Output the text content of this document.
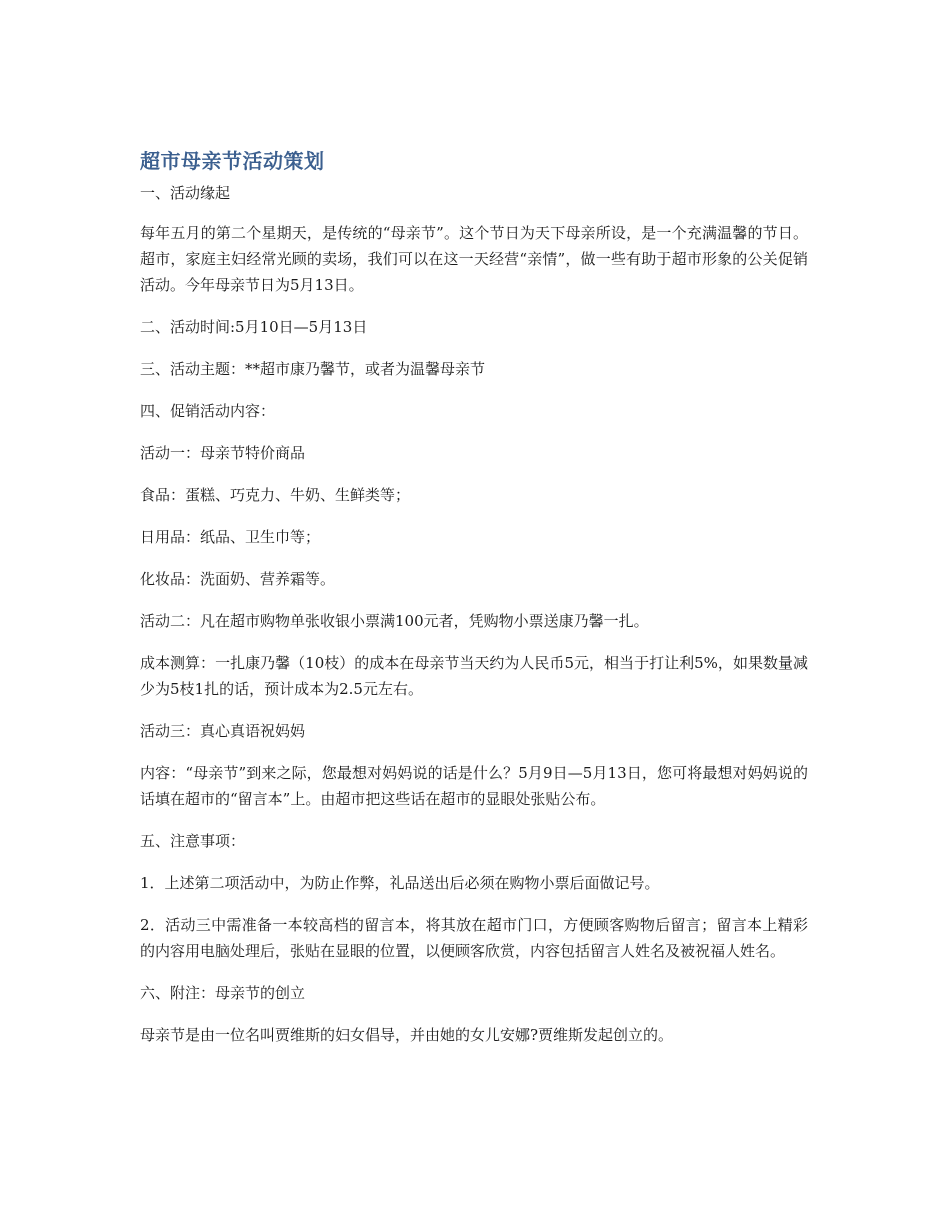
超市母亲节活动策划

一、活动缘起

每年五月的第二个星期天，是传统的“母亲节”。这个节日为天下母亲所设，是一个充满温馨的节日。超市，家庭主妇经常光顾的卖场，我们可以在这一天经营“亲情”，做一些有助于超市形象的公关促销活动。今年母亲节日为5月13日。

二、活动时间:5月10日—5月13日

三、活动主题：**超市康乃馨节，或者为温馨母亲节

四、促销活动内容：

活动一：母亲节特价商品

食品：蛋糕、巧克力、牛奶、生鲜类等；

日用品：纸品、卫生巾等；

化妆品：洗面奶、营养霜等。

活动二：凡在超市购物单张收银小票满100元者，凭购物小票送康乃馨一扎。

成本测算：一扎康乃馨（10枝）的成本在母亲节当天约为人民币5元，相当于打让利5%，如果数量减少为5枝1扎的话，预计成本为2.5元左右。

活动三：真心真语祝妈妈

内容：“母亲节”到来之际，您最想对妈妈说的话是什么？5月9日—5月13日，您可将最想对妈妈说的话填在超市的“留言本”上。由超市把这些话在超市的显眼处张贴公布。

五、注意事项：

1．上述第二项活动中，为防止作弊，礼品送出后必须在购物小票后面做记号。

2．活动三中需准备一本较高档的留言本，将其放在超市门口，方便顾客购物后留言；留言本上精彩的内容用电脑处理后，张贴在显眼的位置，以便顾客欣赏，内容包括留言人姓名及被祝福人姓名。

六、附注：母亲节的创立

母亲节是由一位名叫贾维斯的妇女倡导，并由她的女儿安娜?贾维斯发起创立的。
